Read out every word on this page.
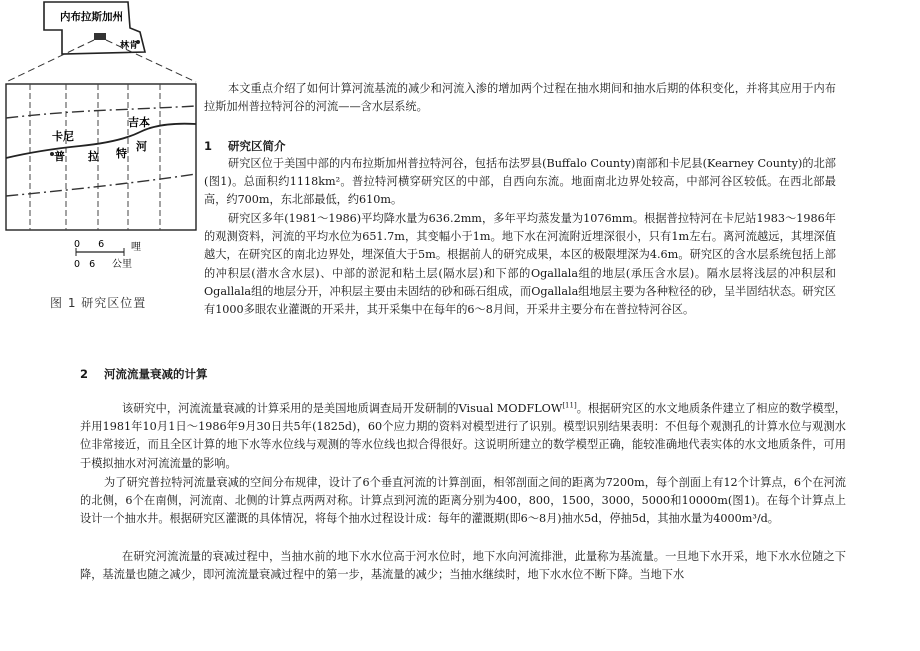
内布拉斯加州
林肯
卡尼
普 拉 特
吉本
河
0      6	哩
0   6 公里
图 1 研究区位置

本文重点介绍了如何计算河流基流的减少和河流入渗的增加两个过程在抽水期间和抽水后期的体积变化，并将其应用于内布拉斯加州普拉特河谷的河流——含水层系统。

1 研究区简介

研究区位于美国中部的内布拉斯加州普拉特河谷，包括布法罗县(Buffalo County)南部和卡尼县(Kearney County)的北部(图1)。总面积约1118km²。普拉特河横穿研究区的中部，自西向东流。地面南北边界处较高，中部河谷区较低。在西北部最高，约700m，东北部最低，约610m。

研究区多年(1981～1986)平均降水量为636.2mm，多年平均蒸发量为1076mm。根据普拉特河在卡尼站1983～1986年的观测资料，河流的平均水位为651.7m，其变幅小于1m。地下水在河流附近埋深很小，只有1m左右。离河流越远，其埋深值越大，在研究区的南北边界处，埋深值大于5m。根据前人的研究成果，本区的极限埋深为4.6m。研究区的含水层系统包括上部的冲积层(潜水含水层)、中部的淤泥和粘土层(隔水层)和下部的Ogallala组的地层(承压含水层)。隔水层将浅层的冲积层和Ogallala组的地层分开，冲积层主要由未固结的砂和砾石组成，而Ogallala组地层主要为各种粒径的砂，呈半固结状态。研究区有1000多眼农业灌溉的开采井，其开采集中在每年的6～8月间，开采井主要分布在普拉特河谷区。

2 河流流量衰减的计算

该研究中，河流流量衰减的计算采用的是美国地质调查局开发研制的Visual MODFLOW[11]。根据研究区的水文地质条件建立了相应的数学模型，并用1981年10月1日～1986年9月30日共5年(1825d)，60个应力期的资料对模型进行了识别。模型识别结果表明：不但每个观测孔的计算水位与观测水位非常接近，而且全区计算的地下水等水位线与观测的等水位线也拟合得很好。这说明所建立的数学模型正确，能较准确地代表实体的水文地质条件，可用于模拟抽水对河流流量的影响。

为了研究普拉特河流量衰减的空间分布规律，设计了6个垂直河流的计算剖面，相邻剖面之间的距离为7200m，每个剖面上有12个计算点，6个在河流的北侧，6个在南侧，河流南、北侧的计算点两两对称。计算点到河流的距离分别为400，800，1500，3000，5000和10000m(图1)。在每个计算点上设计一个抽水井。根据研究区灌溉的具体情况，将每个抽水过程设计成：每年的灌溉期(即6～8月)抽水5d，停抽5d，其抽水量为4000m³/d。

在研究河流流量的衰减过程中，当抽水前的地下水水位高于河水位时，地下水向河流排泄，此量称为基流量。一旦地下水开采，地下水水位随之下降，基流量也随之减少，即河流流量衰减过程中的第一步，基流量的减少；当抽水继续时，地下水水位不断下降。当地下水
